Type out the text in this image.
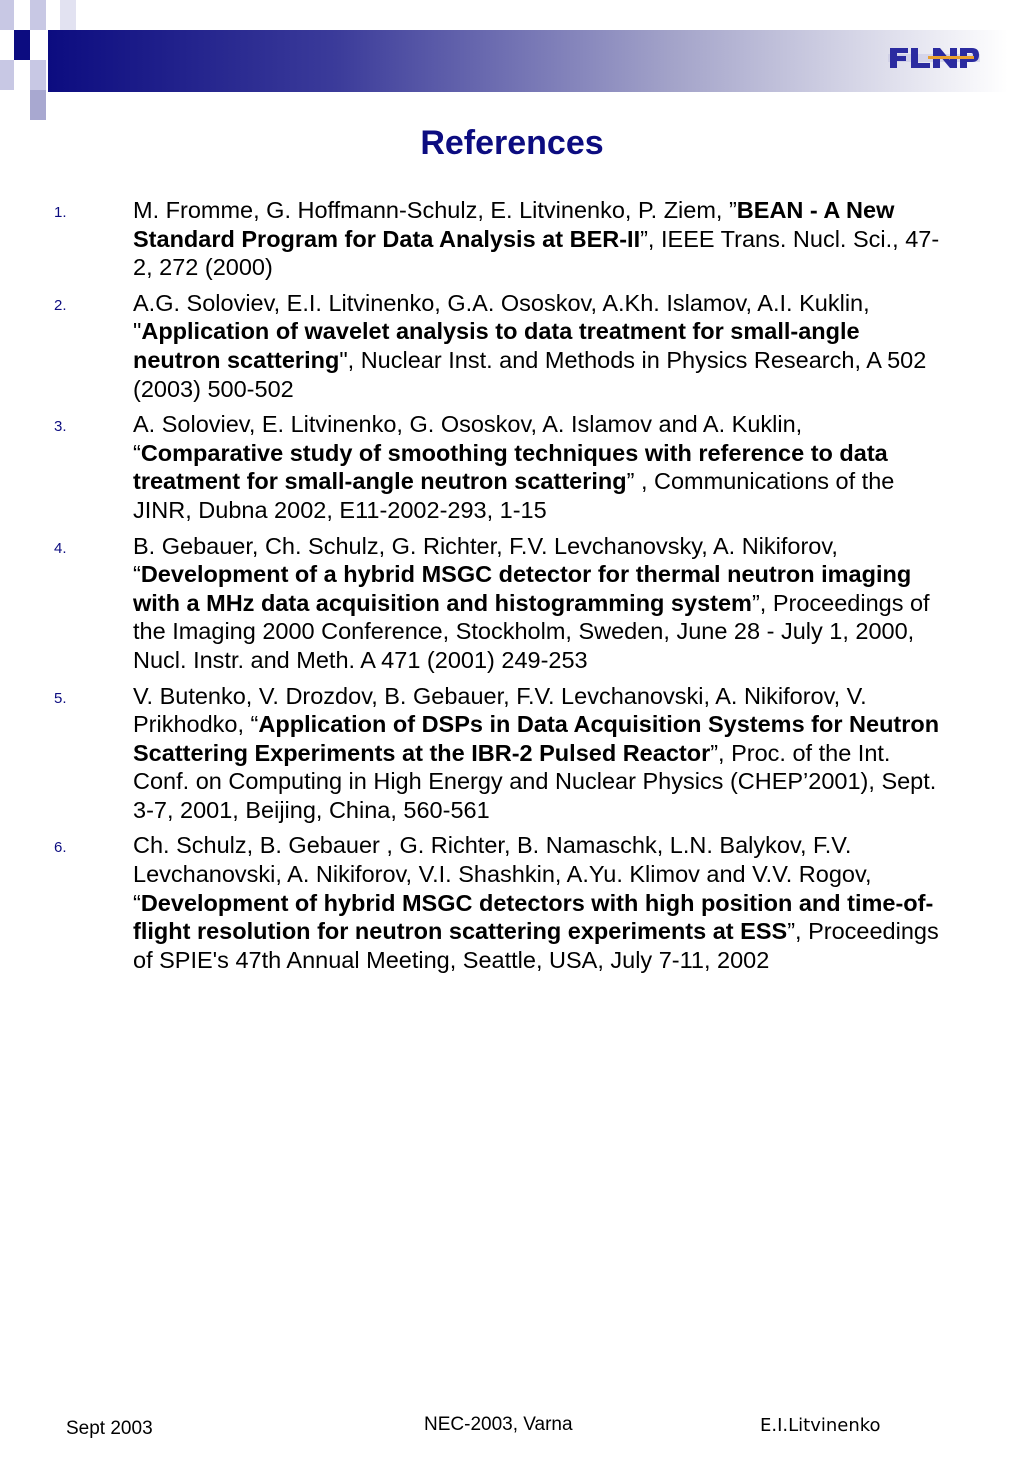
References
1.	M. Fromme, G. Hoffmann-Schulz, E. Litvinenko, P. Ziem, ”BEAN - A New Standard Program for Data Analysis at BER-II”, IEEE Trans. Nucl. Sci., 47-2, 272 (2000)
2.	A.G. Soloviev, E.I. Litvinenko, G.A. Ososkov, A.Kh. Islamov, A.I. Kuklin, "Application of wavelet analysis to data treatment for small-angle neutron scattering", Nuclear Inst. and Methods in Physics Research, A 502 (2003) 500-502
3.	A. Soloviev, E. Litvinenko, G. Ososkov, A. Islamov and A. Kuklin, “Comparative study of smoothing techniques with reference to data treatment for small-angle neutron scattering” , Communications of the JINR, Dubna 2002, E11-2002-293, 1-15
4.	B. Gebauer, Ch. Schulz, G. Richter, F.V. Levchanovsky, A. Nikiforov, “Development of a hybrid MSGC detector for thermal neutron imaging with a MHz data acquisition and histogramming system”, Proceedings of the Imaging 2000 Conference, Stockholm, Sweden, June 28 - July 1, 2000, Nucl. Instr. and Meth. A 471 (2001) 249-253
5.	V. Butenko, V. Drozdov, B. Gebauer, F.V. Levchanovski, A. Nikiforov, V. Prikhodko, “Application of DSPs in Data Acquisition Systems for Neutron Scattering Experiments at the IBR-2 Pulsed Reactor”, Proc. of the Int. Conf. on Computing in High Energy and Nuclear Physics (CHEP’2001), Sept. 3-7, 2001, Beijing, China, 560-561
6.	Ch. Schulz, B. Gebauer , G. Richter, B. Namaschk, L.N. Balykov, F.V. Levchanovski, A. Nikiforov, V.I. Shashkin, A.Yu. Klimov and V.V. Rogov, “Development of hybrid MSGC detectors with high position and time-of-flight resolution for neutron scattering experiments at ESS”, Proceedings of SPIE's 47th Annual Meeting, Seattle, USA, July 7-11, 2002
Sept 2003	NEC-2003, Varna	E.I.Litvinenko
